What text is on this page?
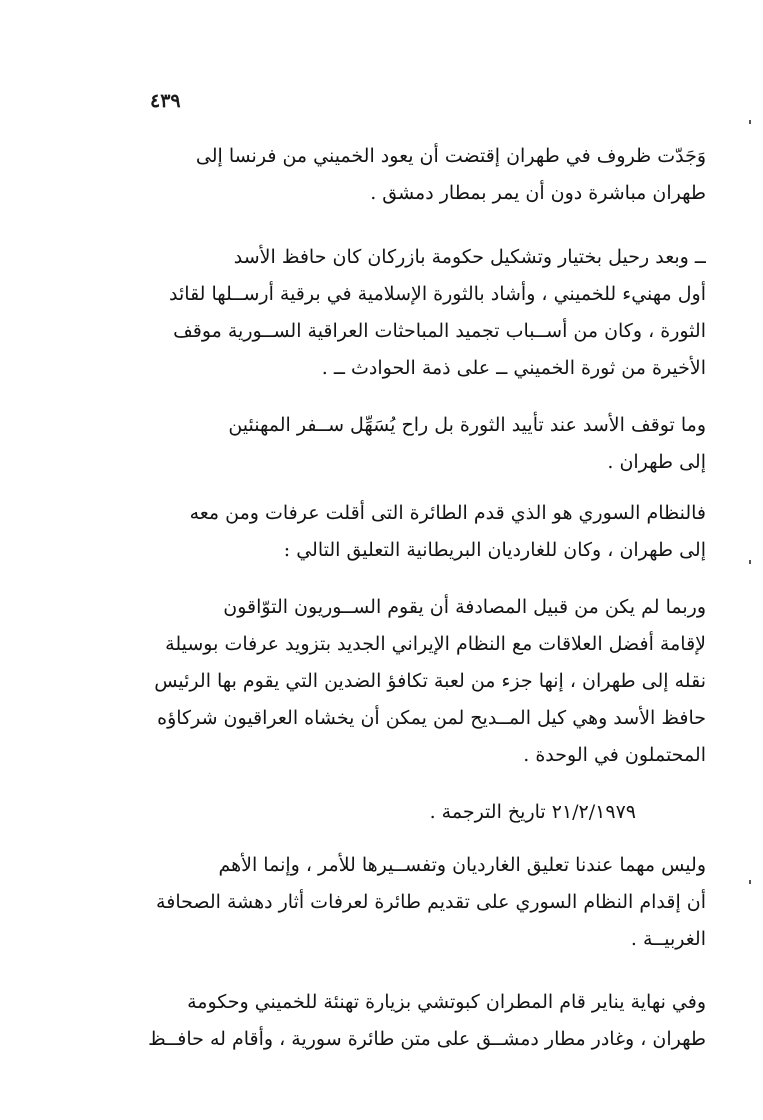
٤٣٩
وَجَدّت ظروف في طهران إقتضت أن يعود الخميني من فرنسا إلى
طهران مباشرة دون أن يمر بمطار دمشق .
ــ وبعد رحيل بختيار وتشكيل حكومة بازركان كان حافظ الأسد
أول مهنيء للخميني ، وأشاد بالثورة الإسلامية في برقية أرســلها لقائد
الثورة ، وكان من أســباب تجميد المباحثات العراقية الســورية موقف
الأخيرة من ثورة الخميني ــ على ذمة الحوادث ــ .
وما توقف الأسد عند تأييد الثورة بل راح يُسَهِّل ســفر المهنئين
إلى طهران .
فالنظام السوري هو الذي قدم الطائرة التى أقلت عرفات ومن معه
إلى طهران ، وكان للغارديان البريطانية التعليق التالي :
وربما لم يكن من قبيل المصادفة أن يقوم الســوريون التوّاقون
لإقامة أفضل العلاقات مع النظام الإيراني الجديد بتزويد عرفات بوسيلة
نقله إلى طهران ، إنها جزء من لعبة تكافؤ الضدين التي يقوم بها الرئيس
حافظ الأسد وهي كيل المــديح لمن يمكن أن يخشاه العراقيون شركاؤه
المحتملون في الوحدة .
٢١/٢/١٩٧٩ تاريخ الترجمة .
وليس مهما عندنا تعليق الغارديان وتفســيرها للأمر ، وإنما الأهم
أن إقدام النظام السوري على تقديم طائرة لعرفات أثار دهشة الصحافة
الغربيــة .
وفي نهاية يناير قام المطران كبوتشي بزيارة تهنئة للخميني وحكومة
طهران ، وغادر مطار دمشــق على متن طائرة سورية ، وأقام له حافــظ
